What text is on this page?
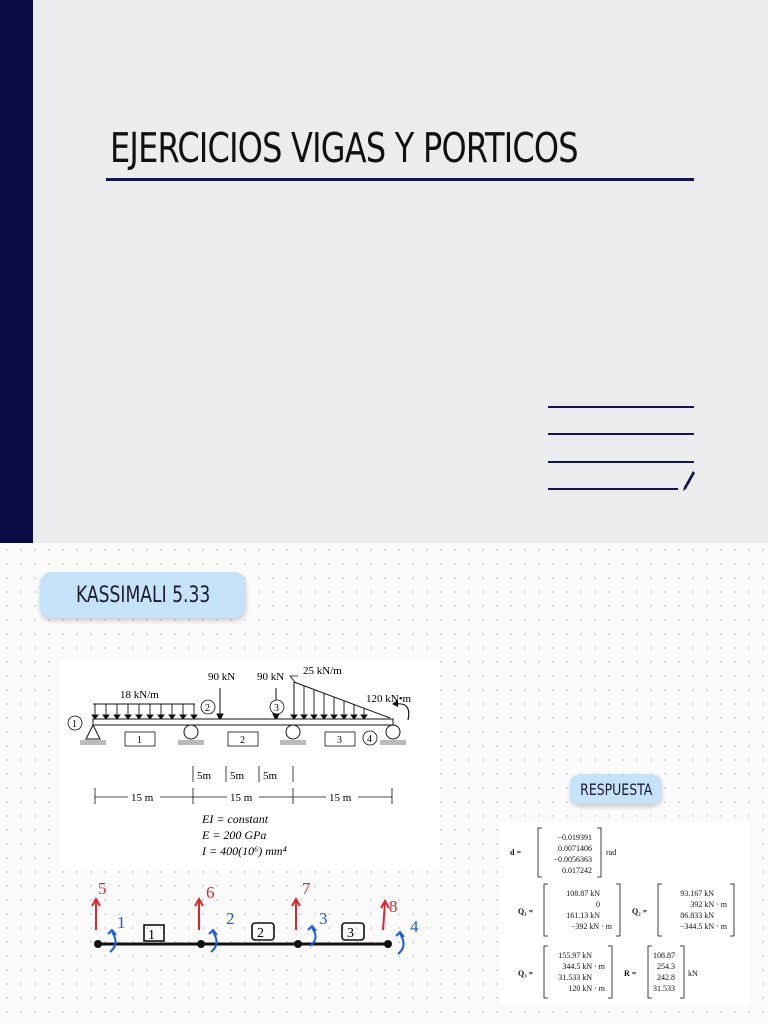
EJERCICIOS VIGAS Y PORTICOS
KASSIMALI 5.33
RESPUESTA
18 kN/m
90 kN 90 kN 25 kN/m
120 kN•m
1
2	3
4
1	2	3
5m 5m 5m
15 m	15 m	15 m
EI = constant
E = 200 GPa
I = 400(10⁶) mm⁴
5	6	7
8
1	2	3	4
1	2	3
d =
−0.019391
0.0071406
−0.0056363
0.017242
rad
Q₁ =
108.87 kN
0
161.13 kN
−392 kN · m
Q₂ =
93.167 kN
392 kN · m
86.833 kN
−344.5 kN · m
Q₃ =
155.97 kN
344.5 kN · m
31.533 kN
120 kN · m
R =
108.87
254.3
242.8
31.533
kN
